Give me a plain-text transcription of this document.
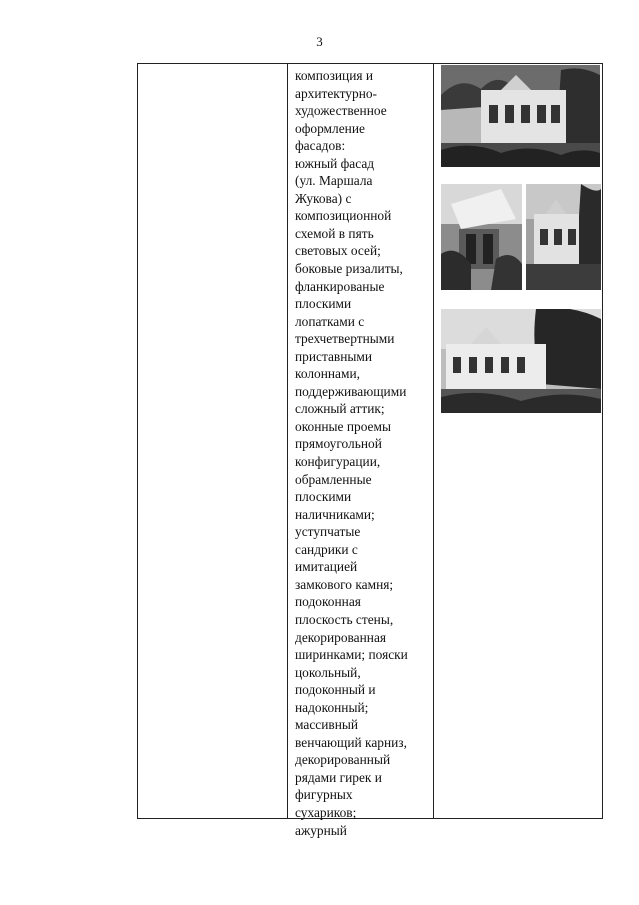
3
композиция и
архитектурно-
художественное
оформление
фасадов:
южный фасад
(ул. Маршала
Жукова) с
композиционной
схемой в пять
световых осей;
боковые ризалиты,
фланкированые
плоскими
лопатками с
трехчетвертными
приставными
колоннами,
поддерживающими
сложный аттик;
оконные проемы
прямоугольной
конфигурации,
обрамленные
плоскими
наличниками;
уступчатые
сандрики с
имитацией
замкового камня;
подоконная
плоскость стены,
декорированная
ширинками; пояски
цокольный,
подоконный и
надоконный;
массивный
венчающий карниз,
декорированный
рядами гирек и
фигурных
сухариков;
ажурный
